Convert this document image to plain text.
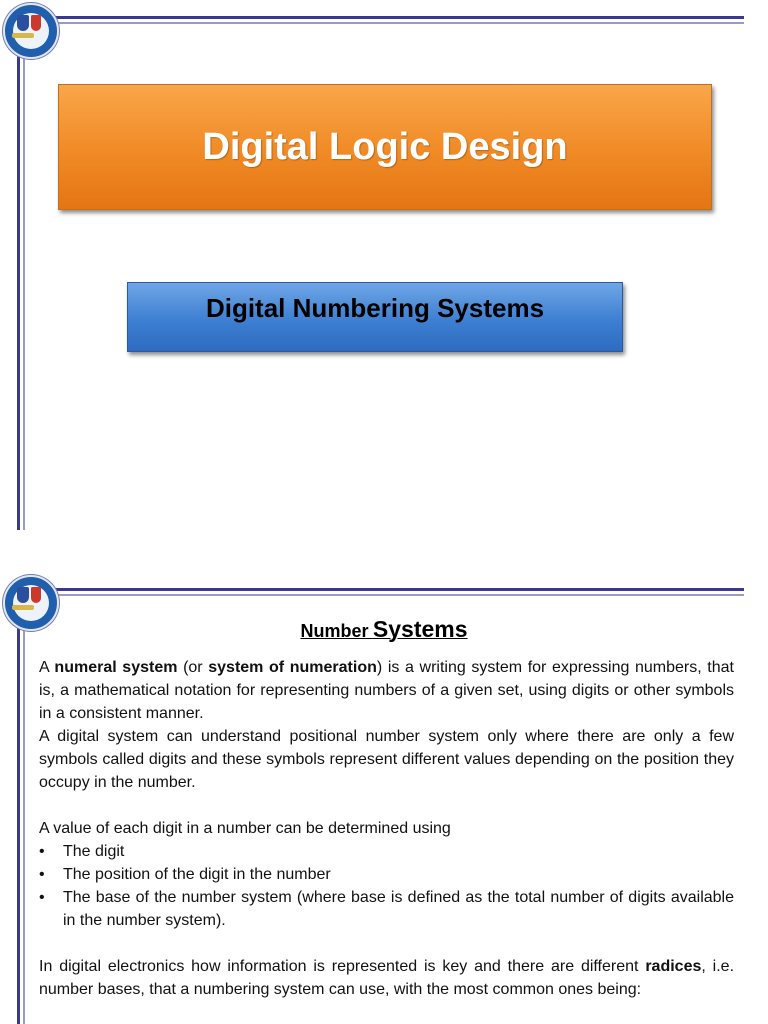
Digital Logic Design
Digital Numbering Systems
Number Systems

A numeral system (or system of numeration) is a writing system for expressing numbers, that is, a mathematical notation for representing numbers of a given set, using digits or other symbols in a consistent manner.

A digital system can understand positional number system only where there are only a few symbols called digits and these symbols represent different values depending on the position they occupy in the number.

A value of each digit in a number can be determined using

• The digit
• The position of the digit in the number
• The base of the number system (where base is defined as the total number of digits available in the number system).

In digital electronics how information is represented is key and there are different radices, i.e. number bases, that a numbering system can use, with the most common ones being:
